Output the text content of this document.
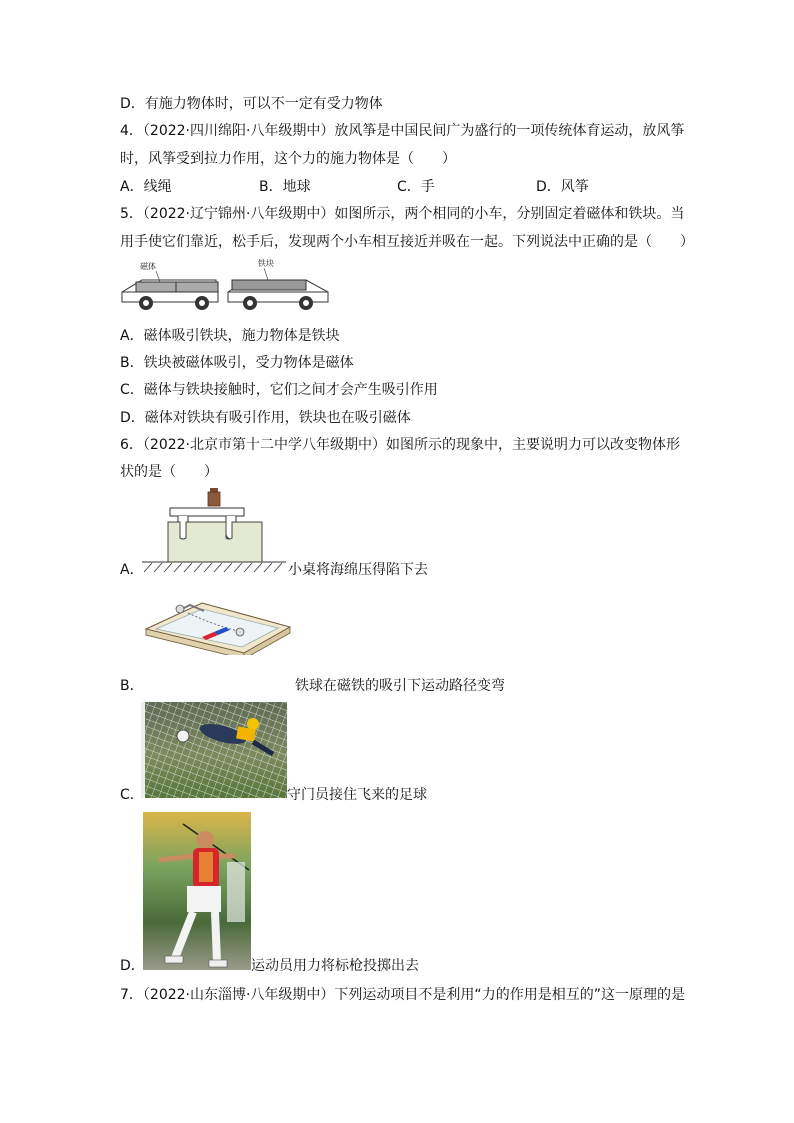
D．有施力物体时，可以不一定有受力物体
4．（2022·四川绵阳·八年级期中）放风筝是中国民间广为盛行的一项传统体育运动，放风筝
时，风筝受到拉力作用，这个力的施力物体是（　　）
A．线绳	B．地球	C．手	D．风筝
5．（2022·辽宁锦州·八年级期中）如图所示，两个相同的小车，分别固定着磁体和铁块。当
用手使它们靠近，松手后，发现两个小车相互接近并吸在一起。下列说法中正确的是（　　）
磁体	铁块
A．磁体吸引铁块，施力物体是铁块
B．铁块被磁体吸引，受力物体是磁体
C．磁体与铁块接触时，它们之间才会产生吸引作用
D．磁体对铁块有吸引作用，铁块也在吸引磁体
6．（2022·北京市第十二中学八年级期中）如图所示的现象中，主要说明力可以改变物体形
状的是（　　）
A．	小桌将海绵压得陷下去
B．	铁球在磁铁的吸引下运动路径变弯
C．	守门员接住飞来的足球
D．	运动员用力将标枪投掷出去
7．（2022·山东淄博·八年级期中）下列运动项目不是利用“力的作用是相互的”这一原理的是
